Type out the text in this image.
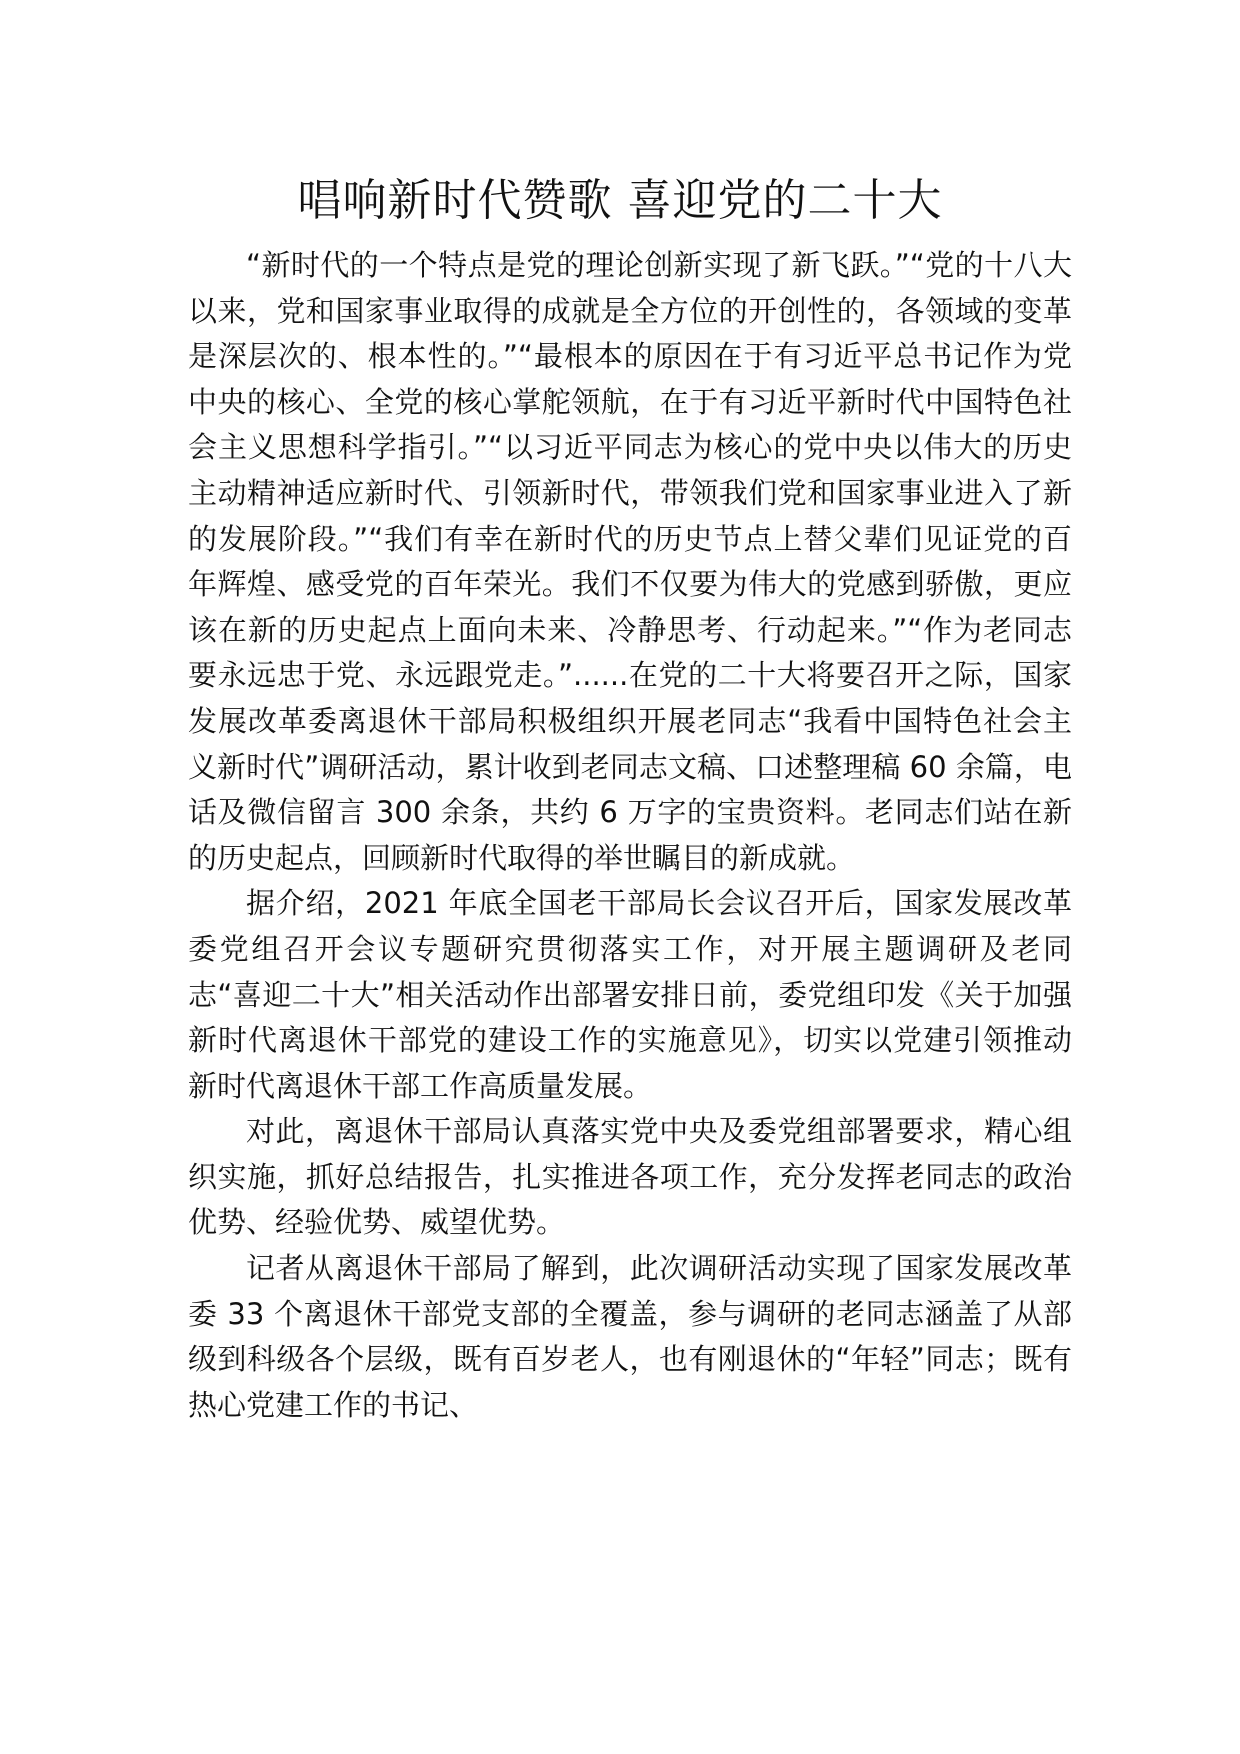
唱响新时代赞歌 喜迎党的二十大

“新时代的一个特点是党的理论创新实现了新飞跃。”“党的十八大以来，党和国家事业取得的成就是全方位的开创性的，各领域的变革是深层次的、根本性的。”“最根本的原因在于有习近平总书记作为党中央的核心、全党的核心掌舵领航，在于有习近平新时代中国特色社会主义思想科学指引。”“以习近平同志为核心的党中央以伟大的历史主动精神适应新时代、引领新时代，带领我们党和国家事业进入了新的发展阶段。”“我们有幸在新时代的历史节点上替父辈们见证党的百年辉煌、感受党的百年荣光。我们不仅要为伟大的党感到骄傲，更应该在新的历史起点上面向未来、冷静思考、行动起来。”“作为老同志要永远忠于党、永远跟党走。”......在党的二十大将要召开之际，国家发展改革委离退休干部局积极组织开展老同志“我看中国特色社会主义新时代”调研活动，累计收到老同志文稿、口述整理稿 60 余篇，电话及微信留言 300 余条，共约 6 万字的宝贵资料。老同志们站在新的历史起点，回顾新时代取得的举世瞩目的新成就。

据介绍，2021 年底全国老干部局长会议召开后，国家发展改革委党组召开会议专题研究贯彻落实工作，对开展主题调研及老同志“喜迎二十大”相关活动作出部署安排日前，委党组印发《关于加强新时代离退休干部党的建设工作的实施意见》，切实以党建引领推动新时代离退休干部工作高质量发展。

对此，离退休干部局认真落实党中央及委党组部署要求，精心组织实施，抓好总结报告，扎实推进各项工作，充分发挥老同志的政治优势、经验优势、威望优势。

记者从离退休干部局了解到，此次调研活动实现了国家发展改革委 33 个离退休干部党支部的全覆盖，参与调研的老同志涵盖了从部级到科级各个层级，既有百岁老人，也有刚退休的“年轻”同志；既有热心党建工作的书记、
